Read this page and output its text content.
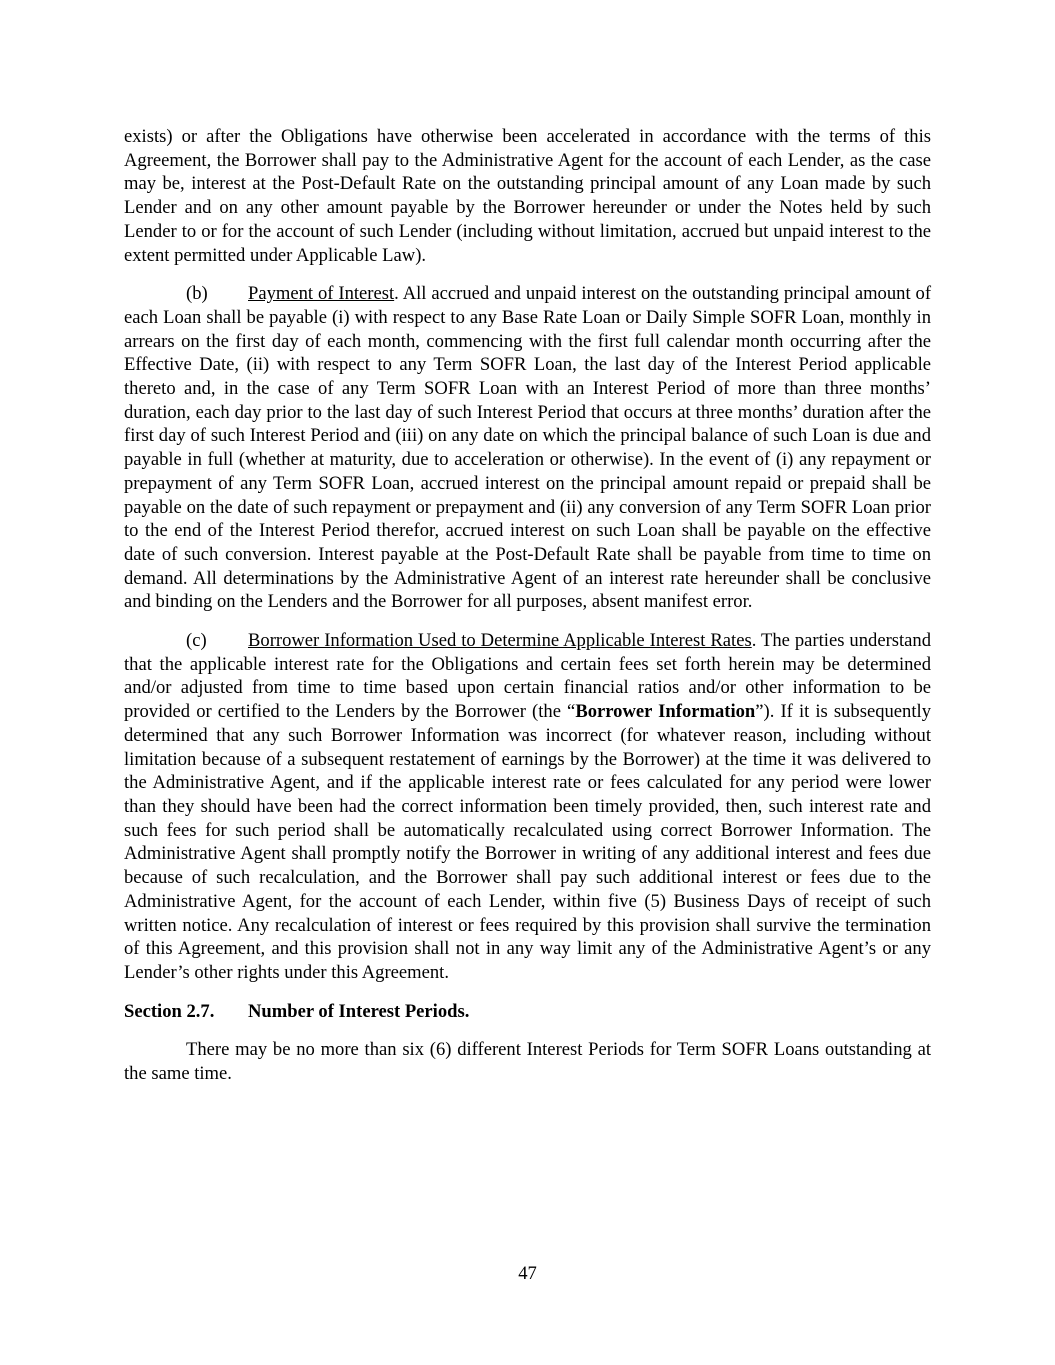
exists) or after the Obligations have otherwise been accelerated in accordance with the terms of this Agreement, the Borrower shall pay to the Administrative Agent for the account of each Lender, as the case may be, interest at the Post-Default Rate on the outstanding principal amount of any Loan made by such Lender and on any other amount payable by the Borrower hereunder or under the Notes held by such Lender to or for the account of such Lender (including without limitation, accrued but unpaid interest to the extent permitted under Applicable Law).

(b) Payment of Interest. All accrued and unpaid interest on the outstanding principal amount of each Loan shall be payable (i) with respect to any Base Rate Loan or Daily Simple SOFR Loan, monthly in arrears on the first day of each month, commencing with the first full calendar month occurring after the Effective Date, (ii) with respect to any Term SOFR Loan, the last day of the Interest Period applicable thereto and, in the case of any Term SOFR Loan with an Interest Period of more than three months’ duration, each day prior to the last day of such Interest Period that occurs at three months’ duration after the first day of such Interest Period and (iii) on any date on which the principal balance of such Loan is due and payable in full (whether at maturity, due to acceleration or otherwise). In the event of (i) any repayment or prepayment of any Term SOFR Loan, accrued interest on the principal amount repaid or prepaid shall be payable on the date of such repayment or prepayment and (ii) any conversion of any Term SOFR Loan prior to the end of the Interest Period therefor, accrued interest on such Loan shall be payable on the effective date of such conversion. Interest payable at the Post-Default Rate shall be payable from time to time on demand. All determinations by the Administrative Agent of an interest rate hereunder shall be conclusive and binding on the Lenders and the Borrower for all purposes, absent manifest error.

(c) Borrower Information Used to Determine Applicable Interest Rates. The parties understand that the applicable interest rate for the Obligations and certain fees set forth herein may be determined and/or adjusted from time to time based upon certain financial ratios and/or other information to be provided or certified to the Lenders by the Borrower (the “Borrower Information”). If it is subsequently determined that any such Borrower Information was incorrect (for whatever reason, including without limitation because of a subsequent restatement of earnings by the Borrower) at the time it was delivered to the Administrative Agent, and if the applicable interest rate or fees calculated for any period were lower than they should have been had the correct information been timely provided, then, such interest rate and such fees for such period shall be automatically recalculated using correct Borrower Information. The Administrative Agent shall promptly notify the Borrower in writing of any additional interest and fees due because of such recalculation, and the Borrower shall pay such additional interest or fees due to the Administrative Agent, for the account of each Lender, within five (5) Business Days of receipt of such written notice. Any recalculation of interest or fees required by this provision shall survive the termination of this Agreement, and this provision shall not in any way limit any of the Administrative Agent’s or any Lender’s other rights under this Agreement.

Section 2.7. Number of Interest Periods.

There may be no more than six (6) different Interest Periods for Term SOFR Loans outstanding at the same time.

47
